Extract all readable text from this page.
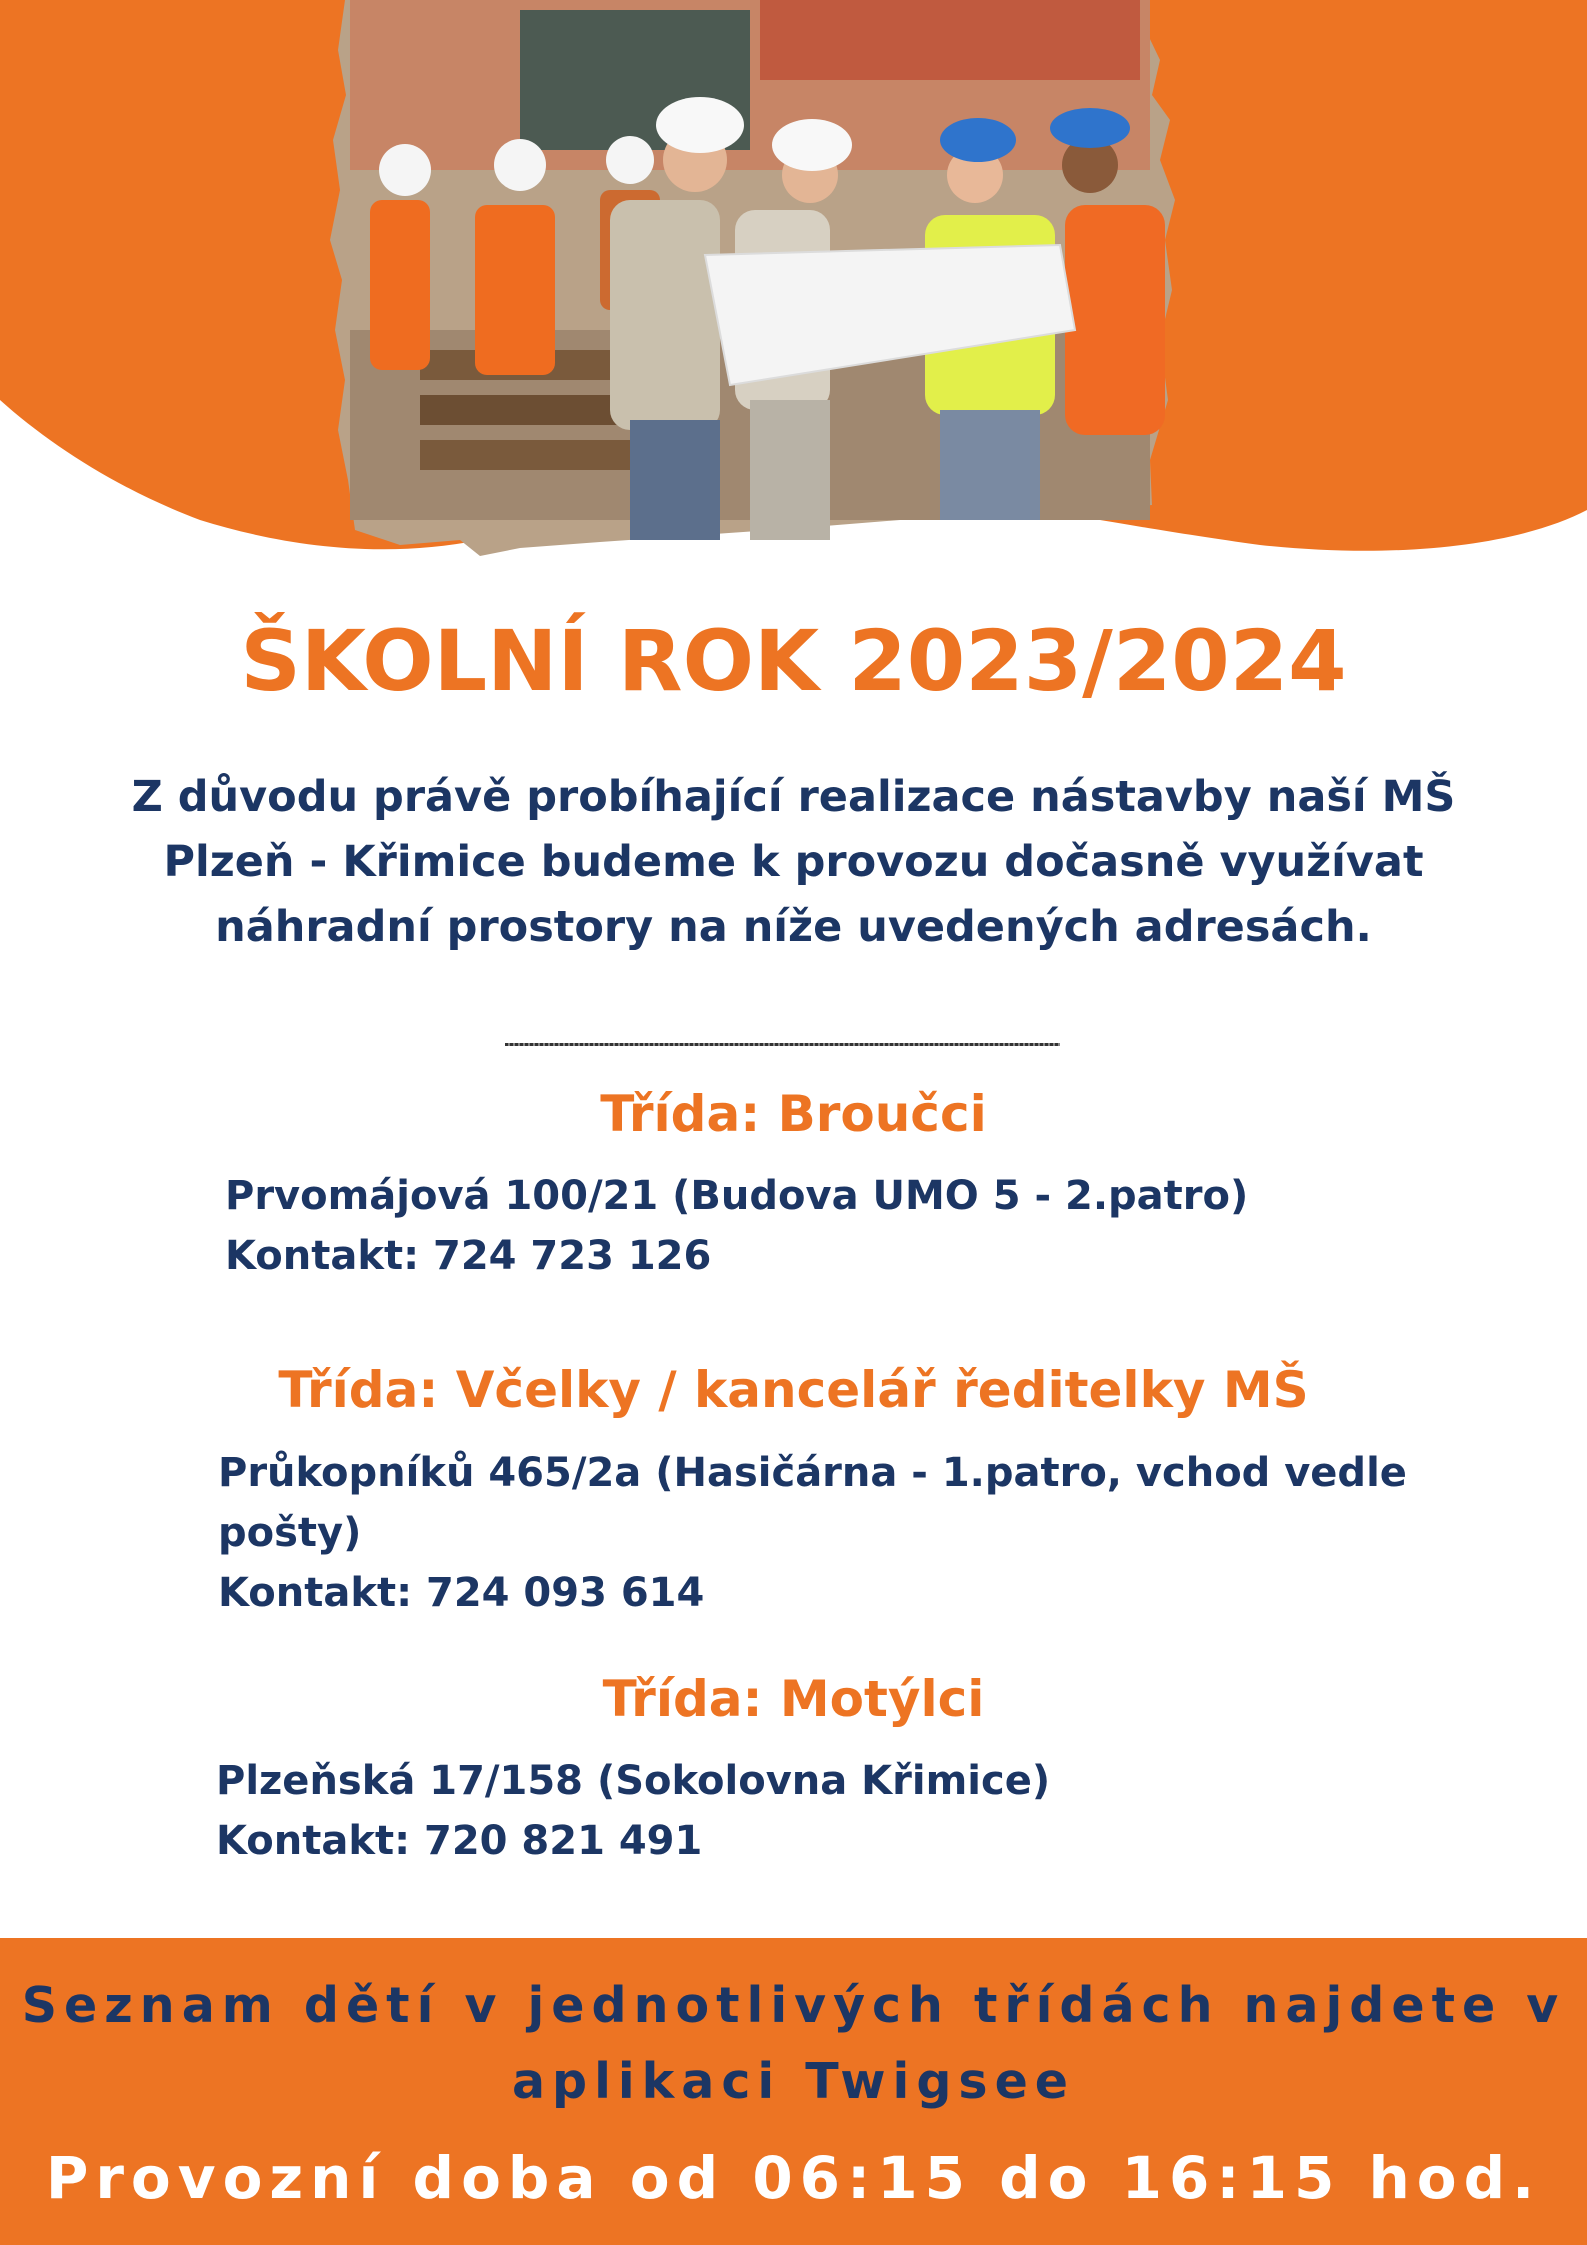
ŠKOLNÍ ROK 2023/2024
Z důvodu právě probíhající realizace nástavby naší MŠ
Plzeň - Křimice budeme k provozu dočasně využívat
náhradní prostory na níže uvedených adresách.
Třída: Broučci
Prvomájová 100/21 (Budova UMO 5 - 2.patro)
Kontakt: 724 723 126
Třída: Včelky / kancelář ředitelky MŠ
Průkopníků 465/2a (Hasičárna - 1.patro, vchod vedle
pošty)
Kontakt: 724 093 614
Třída: Motýlci
Plzeňská 17/158 (Sokolovna Křimice)
Kontakt: 720 821 491
Seznam dětí v jednotlivých třídách najdete v
aplikaci Twigsee
Provozní doba od 06:15 do 16:15 hod.
